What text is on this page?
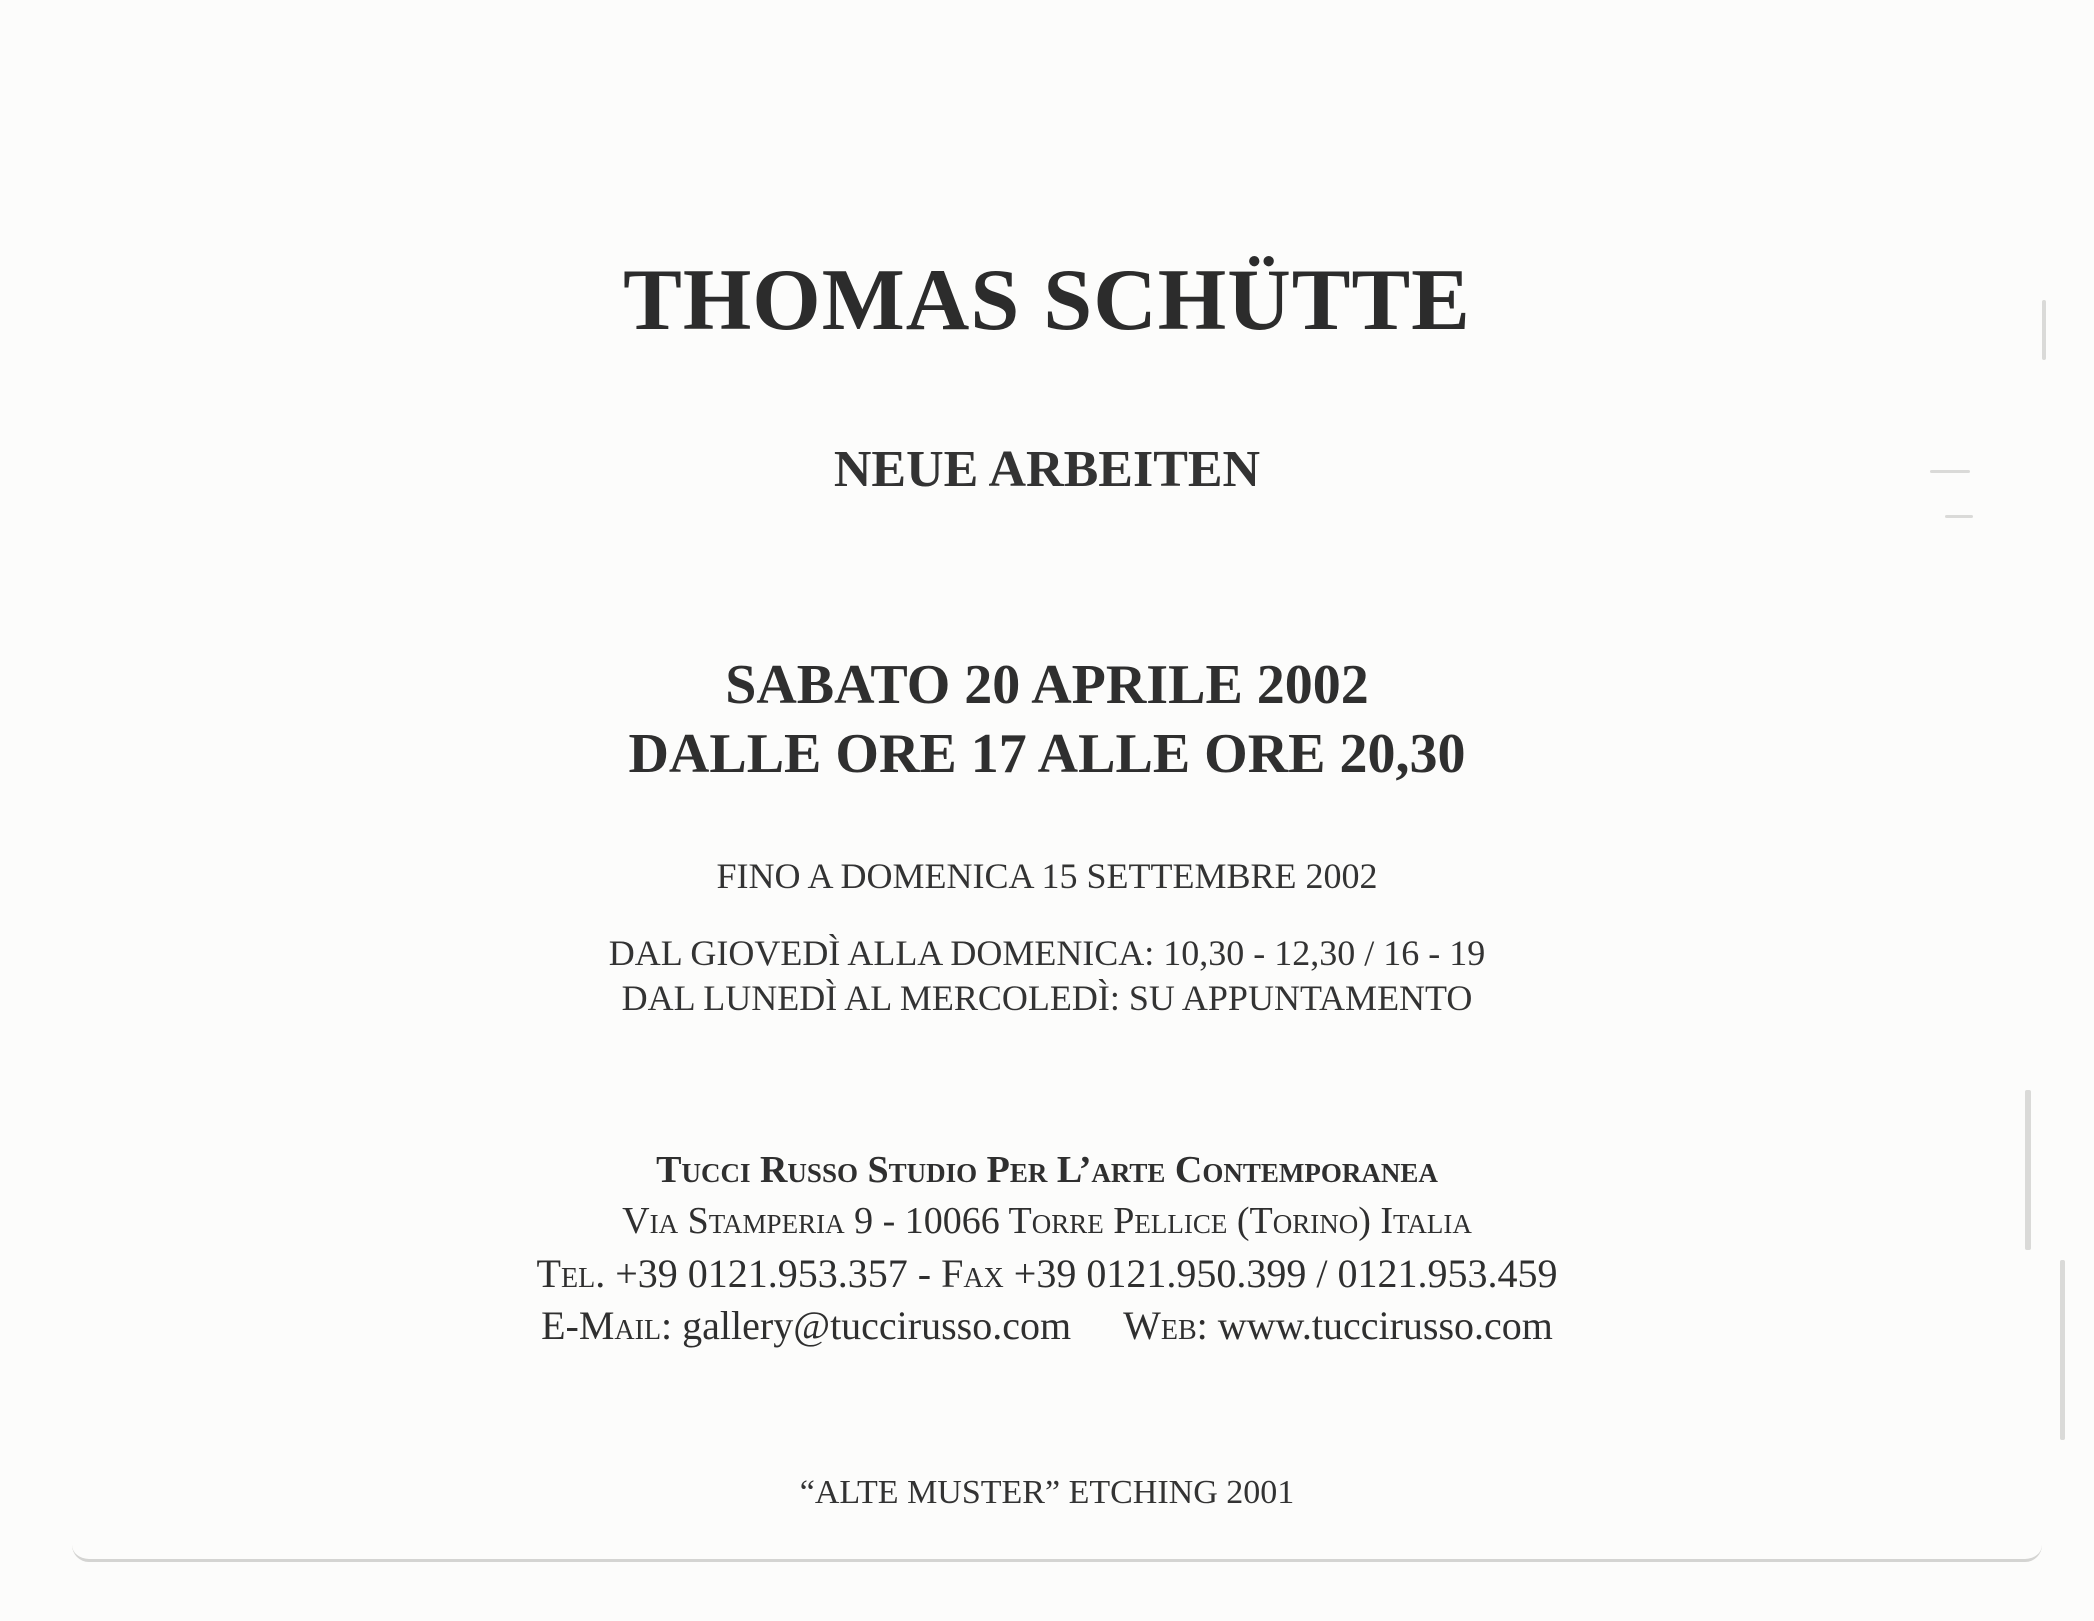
THOMAS SCHÜTTE
NEUE ARBEITEN
SABATO 20 APRILE 2002
DALLE ORE 17 ALLE ORE 20,30
FINO A DOMENICA 15 SETTEMBRE 2002
DAL GIOVEDÌ ALLA DOMENICA: 10,30 - 12,30 / 16 - 19
DAL LUNEDÌ AL MERCOLEDÌ: SU APPUNTAMENTO
Tucci Russo Studio Per L’arte Contemporanea
Via Stamperia 9 - 10066 Torre Pellice (Torino) Italia
Tel. +39 0121.953.357 - Fax +39 0121.950.399 / 0121.953.459
E-Mail: gallery@tuccirusso.com Web: www.tuccirusso.com
“ALTE MUSTER” ETCHING 2001
